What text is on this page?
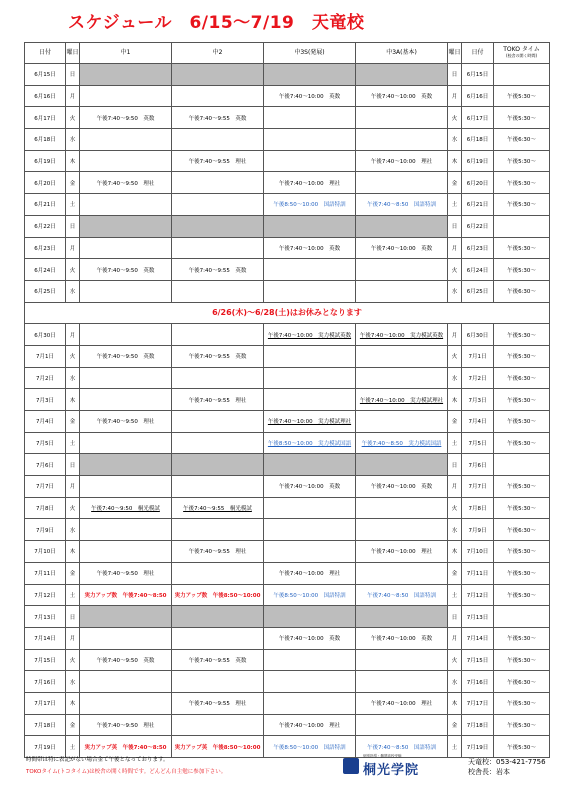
スケジュール　6/15〜7/19　天竜校
日付	曜日	中1	中2	中3S(発展)	中3A(基本)	曜日	日付	TOKO タイム
(校舎の開く時間)

6月15日	日					日	6月15日	
6月16日	月			午後7:40〜10:00　英数	午後7:40〜10:00　英数	月	6月16日	午後5:30〜
6月17日	火	午後7:40〜9:50　英数	午後7:40〜9:55　英数			火	6月17日	午後5:30〜
6月18日	水					水	6月18日	午後6:30〜
6月19日	木		午後7:40〜9:55　理社		午後7:40〜10:00　理社	木	6月19日	午後5:30〜
6月20日	金	午後7:40〜9:50　理社		午後7:40〜10:00　理社		金	6月20日	午後5:30〜
6月21日	土			午後8:50〜10:00　国語特訓	午後7:40〜8:50　国語特訓	土	6月21日	午後5:30〜
6月22日	日					日	6月22日	
6月23日	月			午後7:40〜10:00　英数	午後7:40〜10:00　英数	月	6月23日	午後5:30〜
6月24日	火	午後7:40〜9:50　英数	午後7:40〜9:55　英数			火	6月24日	午後5:30〜
6月25日	水					水	6月25日	午後6:30〜
6/26(木)〜6/28(土)はお休みとなります								
6月30日	月			午後7:40〜10:00　実力模試英数	午後7:40〜10:00　実力模試英数	月	6月30日	午後5:30〜
7月1日	火	午後7:40〜9:50　英数	午後7:40〜9:55　英数			火	7月1日	午後5:30〜
7月2日	水					水	7月2日	午後6:30〜
7月3日	木		午後7:40〜9:55　理社		午後7:40〜10:00　実力模試理社	木	7月3日	午後5:30〜
7月4日	金	午後7:40〜9:50　理社		午後7:40〜10:00　実力模試理社		金	7月4日	午後5:30〜
7月5日	土			午後8:50〜10:00　実力模試国語	午後7:40〜8:50　実力模試国語	土	7月5日	午後5:30〜
7月6日	日					日	7月6日	
7月7日	月			午後7:40〜10:00　英数	午後7:40〜10:00　英数	月	7月7日	午後5:30〜
7月8日	火	午後7:40〜9:50　桐光模試	午後7:40〜9:55　桐光模試			火	7月8日	午後5:30〜
7月9日	水					水	7月9日	午後6:30〜
7月10日	木		午後7:40〜9:55　理社		午後7:40〜10:00　理社	木	7月10日	午後5:30〜
7月11日	金	午後7:40〜9:50　理社		午後7:40〜10:00　理社		金	7月11日	午後5:30〜
7月12日	土	実力アップ数　午後7:40〜8:50	実力アップ数　午後8:50〜10:00	午後8:50〜10:00　国語特訓	午後7:40〜8:50　国語特訓	土	7月12日	午後5:30〜
7月13日	日					日	7月13日	
7月14日	月			午後7:40〜10:00　英数	午後7:40〜10:00　英数	月	7月14日	午後5:30〜
7月15日	火	午後7:40〜9:50　英数	午後7:40〜9:55　英数			火	7月15日	午後5:30〜
7月16日	水					水	7月16日	午後6:30〜
7月17日	木		午後7:40〜9:55　理社		午後7:40〜10:00　理社	木	7月17日	午後5:30〜
7月18日	金	午後7:40〜9:50　理社		午後7:40〜10:00　理社		金	7月18日	午後5:30〜
7月19日	土	実力アップ英　午後7:40〜8:50	実力アップ英　午後8:50〜10:00	午後8:50〜10:00　国語特訓	午後7:40〜8:50　国語特訓	土	7月19日	午後5:30〜
時間帯は特に表記がない場合金て午後となっております。
TOKOタイム(トコタイム)は校舎の開く時間です。どんどん自主勉に参加下さい。
個別指導・難関高校受験
桐光学院
天竜校：053-421-7756
校舎長：岩本
